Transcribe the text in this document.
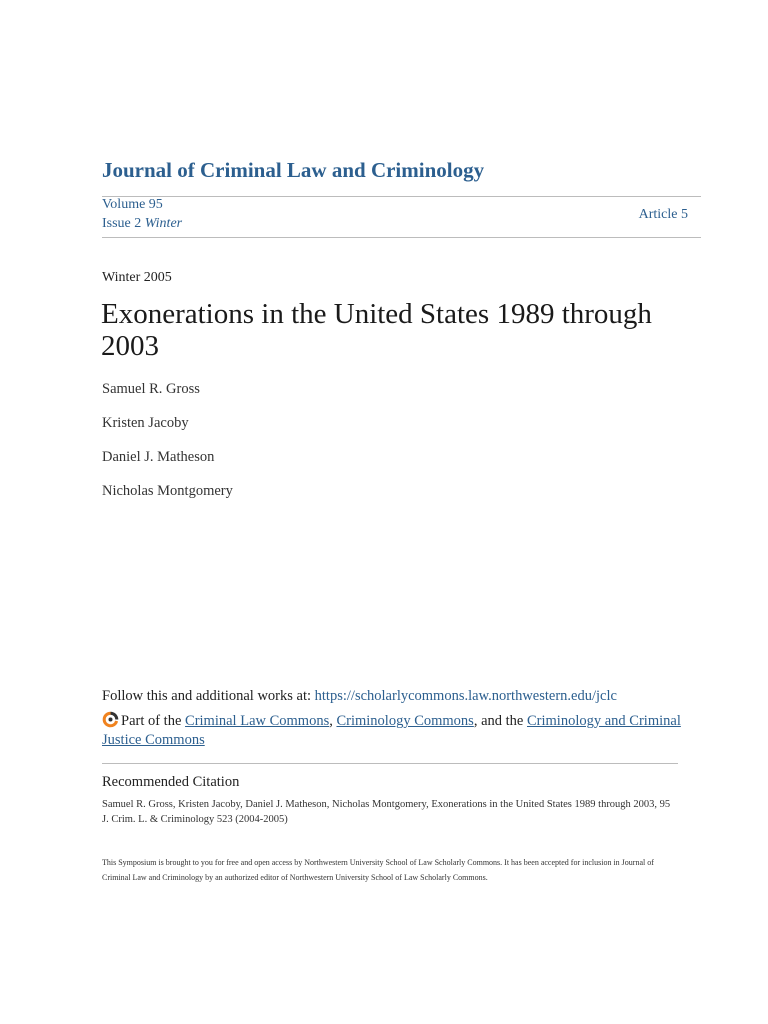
Journal of Criminal Law and Criminology
Volume 95
Issue 2 Winter
Article 5
Winter 2005
Exonerations in the United States 1989 through 2003
Samuel R. Gross
Kristen Jacoby
Daniel J. Matheson
Nicholas Montgomery
Follow this and additional works at: https://scholarlycommons.law.northwestern.edu/jclc
Part of the Criminal Law Commons, Criminology Commons, and the Criminology and Criminal Justice Commons
Recommended Citation
Samuel R. Gross, Kristen Jacoby, Daniel J. Matheson, Nicholas Montgomery, Exonerations in the United States 1989 through 2003, 95 J. Crim. L. & Criminology 523 (2004-2005)
This Symposium is brought to you for free and open access by Northwestern University School of Law Scholarly Commons. It has been accepted for inclusion in Journal of Criminal Law and Criminology by an authorized editor of Northwestern University School of Law Scholarly Commons.
